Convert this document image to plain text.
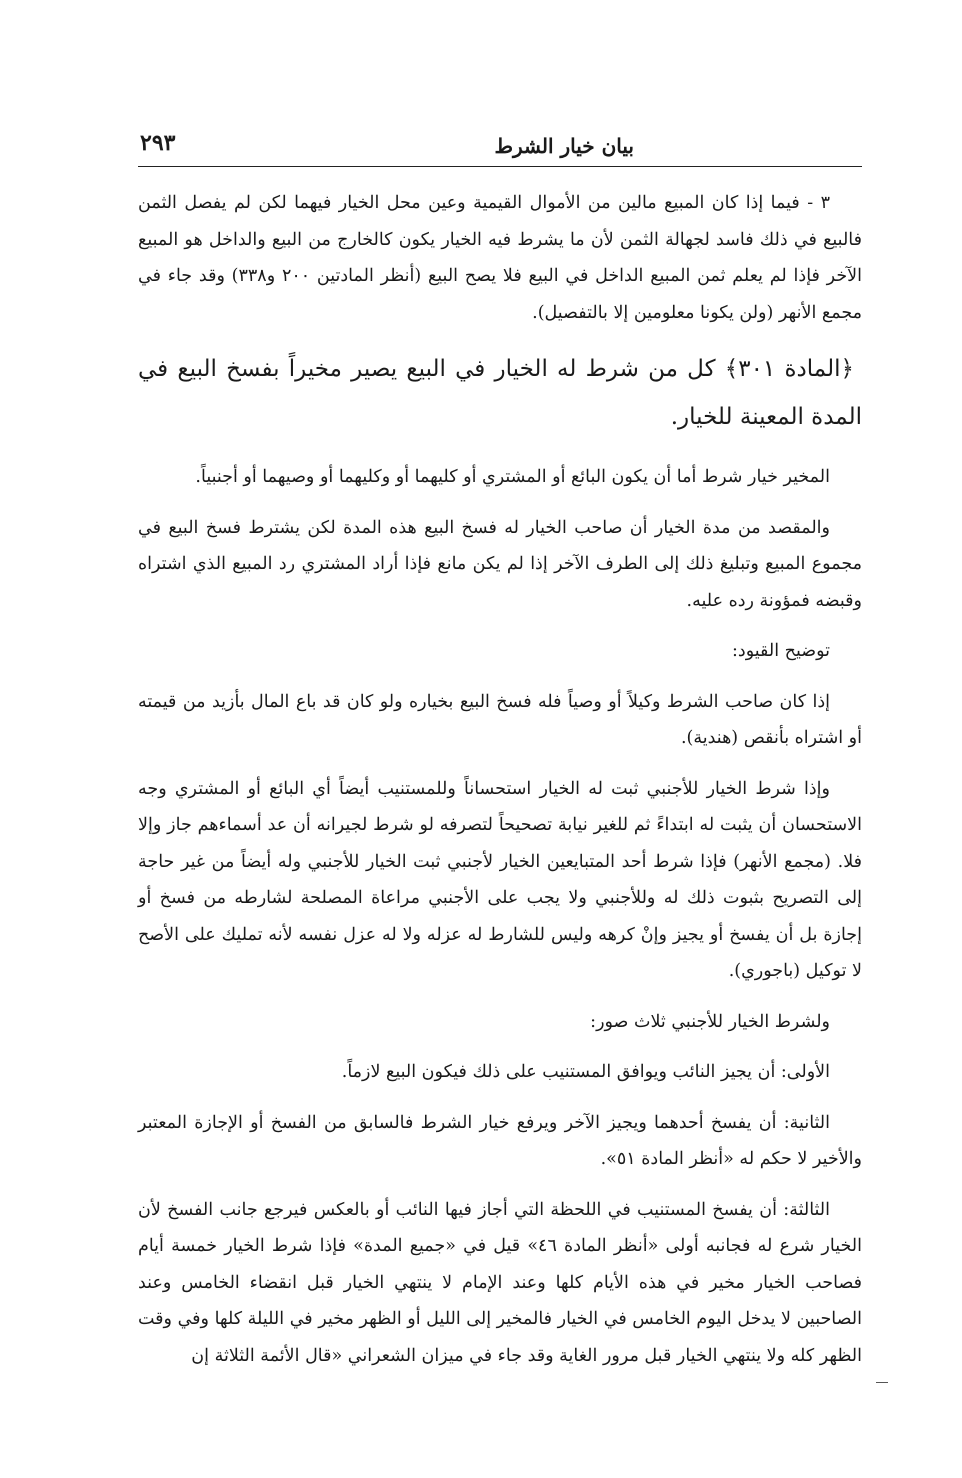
بيان خيار الشرط
٢٩٣

٣ - فيما إذا كان المبيع مالين من الأموال القيمية وعين محل الخيار فيهما لكن لم يفصل الثمن فالبيع في ذلك فاسد لجهالة الثمن لأن ما يشرط فيه الخيار يكون كالخارج من البيع والداخل هو المبيع الآخر فإذا لم يعلم ثمن المبيع الداخل في البيع فلا يصح البيع (أنظر المادتين ٢٠٠ و٣٣٨) وقد جاء في مجمع الأنهر (ولن يكونا معلومين إلا بالتفصيل).

﴿المادة ٣٠١﴾ كل من شرط له الخيار في البيع يصير مخيراً بفسخ البيع في المدة المعينة للخيار.

المخير خيار شرط أما أن يكون البائع أو المشتري أو كليهما أو وكليهما أو وصيهما أو أجنبياً.

والمقصد من مدة الخيار أن صاحب الخيار له فسخ البيع هذه المدة لكن يشترط فسخ البيع في مجموع المبيع وتبليغ ذلك إلى الطرف الآخر إذا لم يكن مانع فإذا أراد المشتري رد المبيع الذي اشتراه وقبضه فمؤونة رده عليه.

توضيح القيود:

إذا كان صاحب الشرط وكيلاً أو وصياً فله فسخ البيع بخياره ولو كان قد باع المال بأزيد من قيمته أو اشتراه بأنقص (هندية).

وإذا شرط الخيار للأجنبي ثبت له الخيار استحساناً وللمستنيب أيضاً أي البائع أو المشتري وجه الاستحسان أن يثبت له ابتداءً ثم للغير نيابة تصحيحاً لتصرفه لو شرط لجيرانه أن عد أسماءهم جاز وإلا فلا. (مجمع الأنهر) فإذا شرط أحد المتبايعين الخيار لأجنبي ثبت الخيار للأجنبي وله أيضاً من غير حاجة إلى التصريح بثبوت ذلك له وللأجنبي ولا يجب على الأجنبي مراعاة المصلحة لشارطه من فسخ أو إجازة بل أن يفسخ أو يجيز وإنْ كرهه وليس للشارط له عزله ولا له عزل نفسه لأنه تمليك على الأصح لا توكيل (باجوري).

ولشرط الخيار للأجنبي ثلاث صور:

الأولى: أن يجيز النائب ويوافق المستنيب على ذلك فيكون البيع لازماً.

الثانية: أن يفسخ أحدهما ويجيز الآخر ويرفع خيار الشرط فالسابق من الفسخ أو الإجازة المعتبر والأخير لا حكم له «أنظر المادة ٥١».

الثالثة: أن يفسخ المستنيب في اللحظة التي أجاز فيها النائب أو بالعكس فيرجع جانب الفسخ لأن الخيار شرع له فجانبه أولى «أنظر المادة ٤٦» قيل في «جميع المدة» فإذا شرط الخيار خمسة أيام فصاحب الخيار مخير في هذه الأيام كلها وعند الإمام لا ينتهي الخيار قبل انقضاء الخامس وعند الصاحبين لا يدخل اليوم الخامس في الخيار فالمخير إلى الليل أو الظهر مخير في الليلة كلها وفي وقت الظهر كله ولا ينتهي الخيار قبل مرور الغاية وقد جاء في ميزان الشعراني «قال الأئمة الثلاثة إن
